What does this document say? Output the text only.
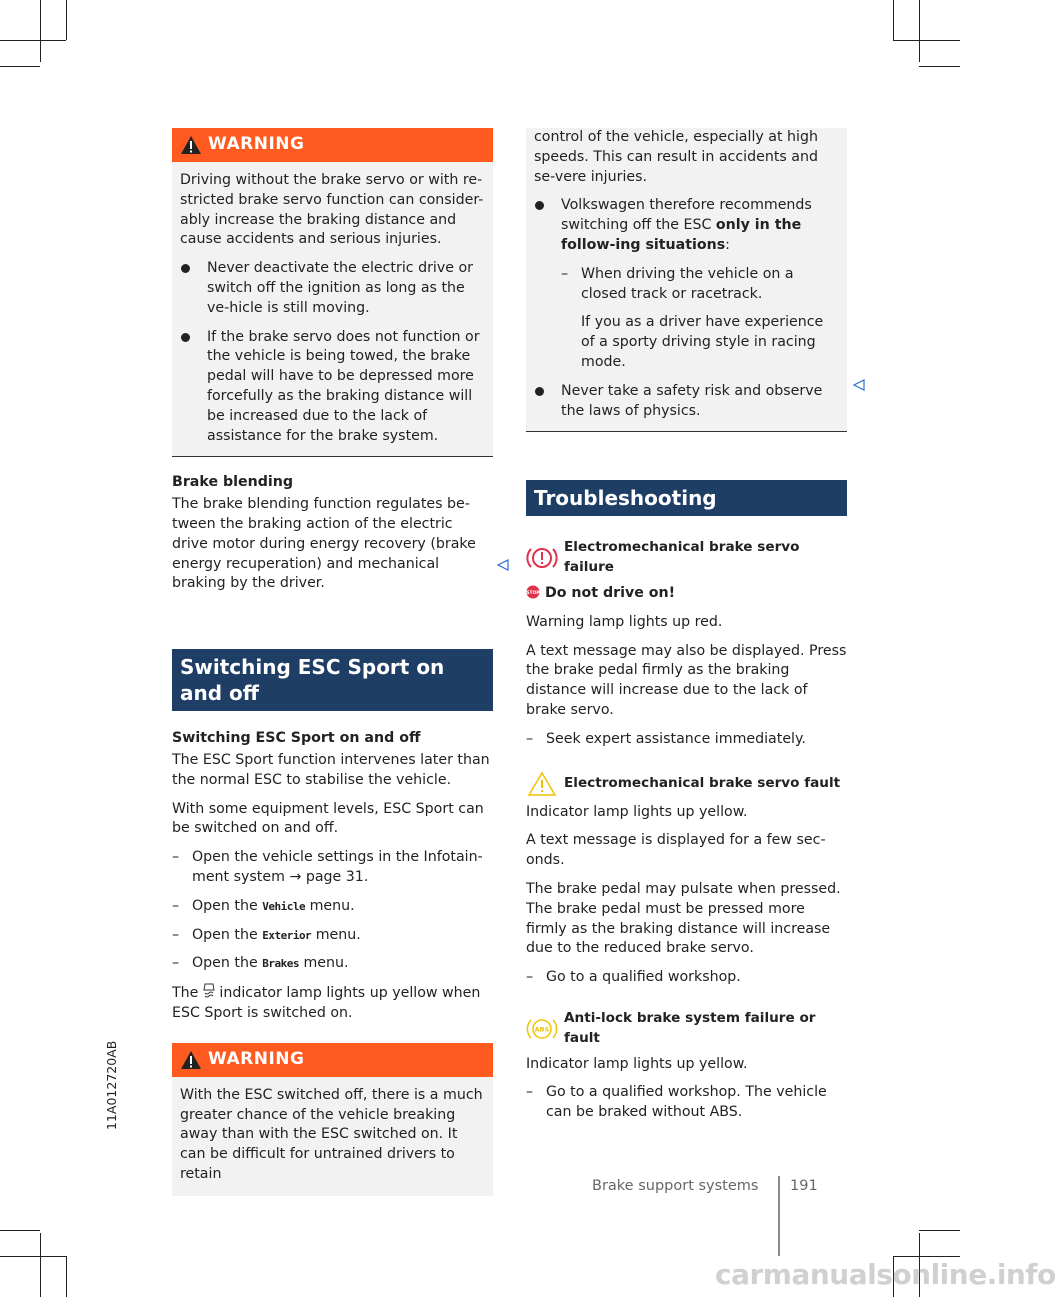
11A012720AB
WARNING

Driving without the brake servo or with re-stricted brake servo function can consider-ably increase the braking distance and cause accidents and serious injuries.

Never deactivate the electric drive or switch off the ignition as long as the ve-hicle is still moving.
If the brake servo does not function or the vehicle is being towed, the brake pedal will have to be depressed more forcefully as the braking distance will be increased due to the lack of assistance for the brake system.

Brake blending

The brake blending function regulates be-tween the braking action of the electric drive motor during energy recovery (brake energy recuperation) and mechanical braking by the driver.

Switching ESC Sport on and off

Switching ESC Sport on and off

The ESC Sport function intervenes later than the normal ESC to stabilise the vehicle.

With some equipment levels, ESC Sport can be switched on and off.

– Open the vehicle settings in the Infotain-ment system → page 31.
– Open the Vehicle menu.
– Open the Exterior menu.
– Open the Brakes menu.

The indicator lamp lights up yellow when ESC Sport is switched on.

WARNING

With the ESC switched off, there is a much greater chance of the vehicle breaking away than with the ESC switched on. It can be difficult for untrained drivers to retain

control of the vehicle, especially at high speeds. This can result in accidents and se-vere injuries.

Volkswagen therefore recommends switching off the ESC only in the follow-ing situations:
– When driving the vehicle on a closed track or racetrack.

If you as a driver have experience of a sporty driving style in racing mode.

Never take a safety risk and observe the laws of physics.
Troubleshooting
Electromechanical brake servo failure

STOP Do not drive on!

Warning lamp lights up red.

A text message may also be displayed. Press the brake pedal firmly as the braking distance will increase due to the lack of brake servo.

– Seek expert assistance immediately.
Electromechanical brake servo fault

Indicator lamp lights up yellow.

A text message is displayed for a few sec-onds.

The brake pedal may pulsate when pressed. The brake pedal must be pressed more firmly as the braking distance will increase due to the reduced brake servo.

– Go to a qualified workshop.
ABS
Anti-lock brake system failure or fault

Indicator lamp lights up yellow.

– Go to a qualified workshop. The vehicle can be braked without ABS.
Brake support systems 191
carmanualsonline.info
